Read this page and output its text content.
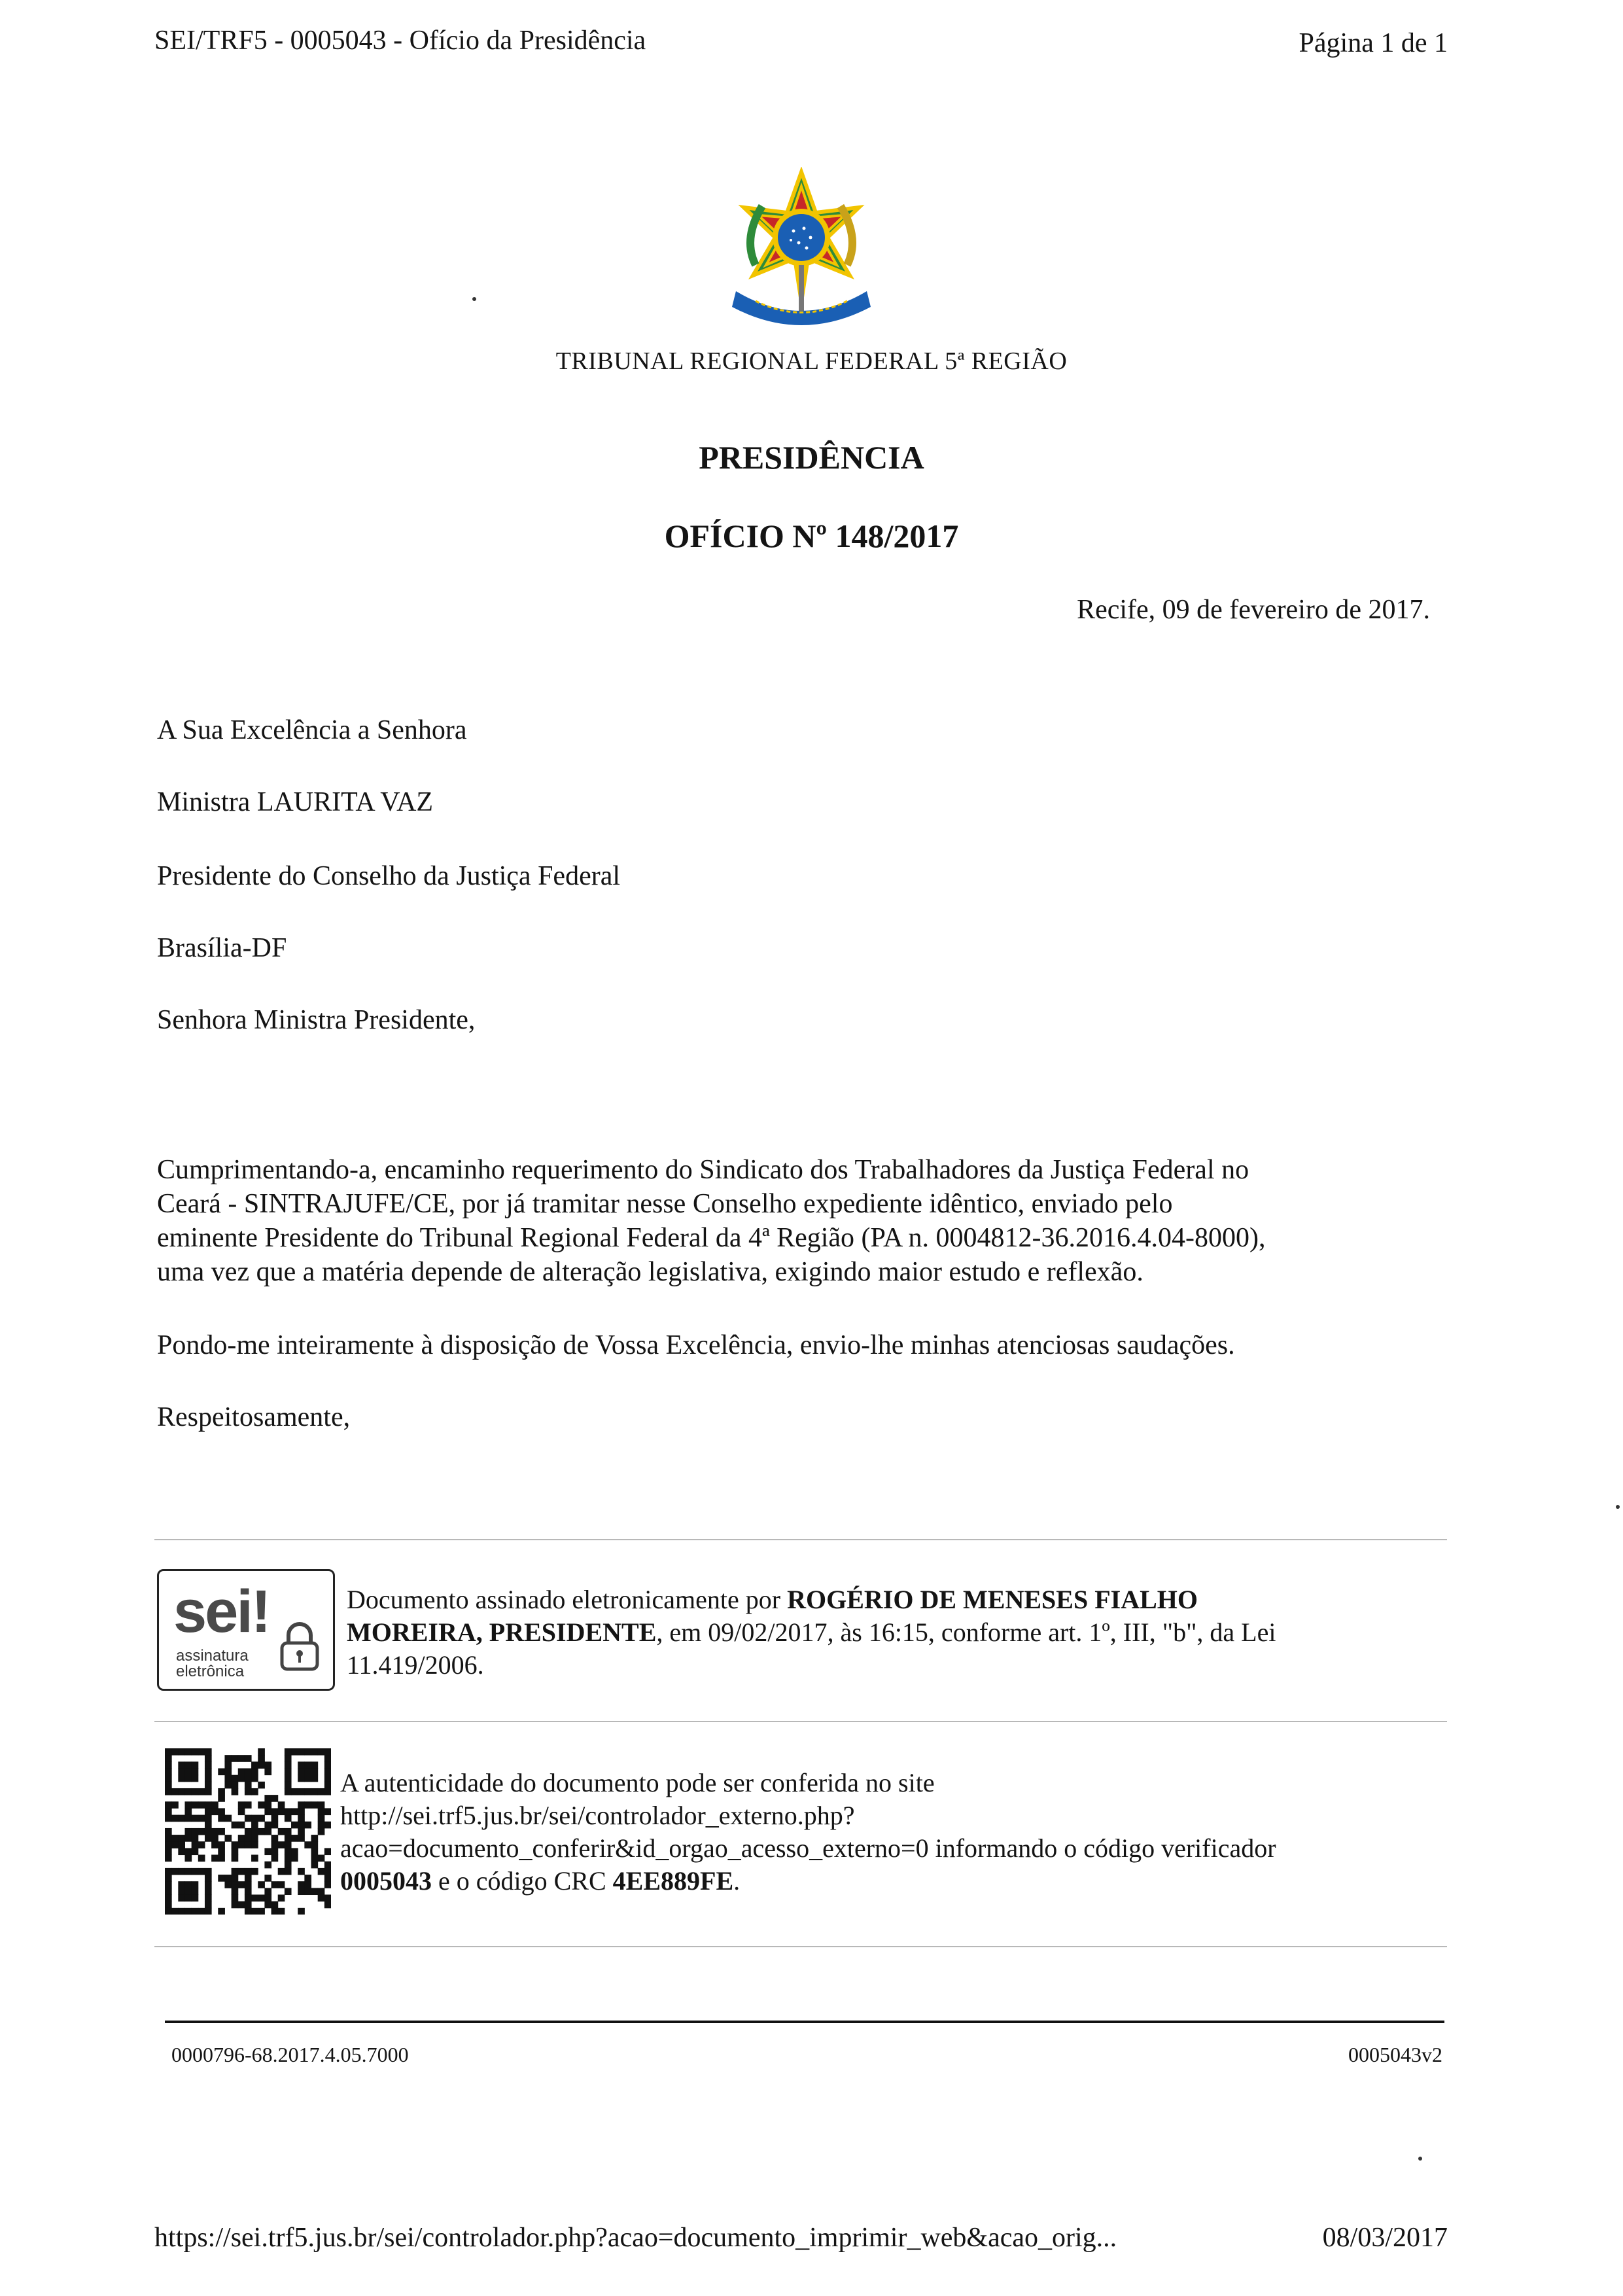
SEI/TRF5 - 0005043 - Ofício da Presidência	Página 1 de 1
TRIBUNAL REGIONAL FEDERAL 5ª REGIÃO
PRESIDÊNCIA
OFÍCIO Nº 148/2017
Recife, 09 de fevereiro de 2017.
A Sua Excelência a Senhora
Ministra LAURITA VAZ
Presidente do Conselho da Justiça Federal
Brasília-DF
Senhora Ministra Presidente,
Cumprimentando-a, encaminho requerimento do Sindicato dos Trabalhadores da Justiça Federal no
Ceará - SINTRAJUFE/CE, por já tramitar nesse Conselho expediente idêntico, enviado pelo
eminente Presidente do Tribunal Regional Federal da 4ª Região (PA n. 0004812-36.2016.4.04-8000),
uma vez que a matéria depende de alteração legislativa, exigindo maior estudo e reflexão.
Pondo-me inteiramente à disposição de Vossa Excelência, envio-lhe minhas atenciosas saudações.
Respeitosamente,
sei!
assinatura
eletrônica
Documento assinado eletronicamente por ROGÉRIO DE MENESES FIALHO
MOREIRA, PRESIDENTE, em 09/02/2017, às 16:15, conforme art. 1º, III, "b", da Lei
11.419/2006.
A autenticidade do documento pode ser conferida no site
http://sei.trf5.jus.br/sei/controlador_externo.php?
acao=documento_conferir&id_orgao_acesso_externo=0 informando o código verificador
0005043 e o código CRC 4EE889FE.
0000796-68.2017.4.05.7000	0005043v2
https://sei.trf5.jus.br/sei/controlador.php?acao=documento_imprimir_web&acao_orig...	08/03/2017
